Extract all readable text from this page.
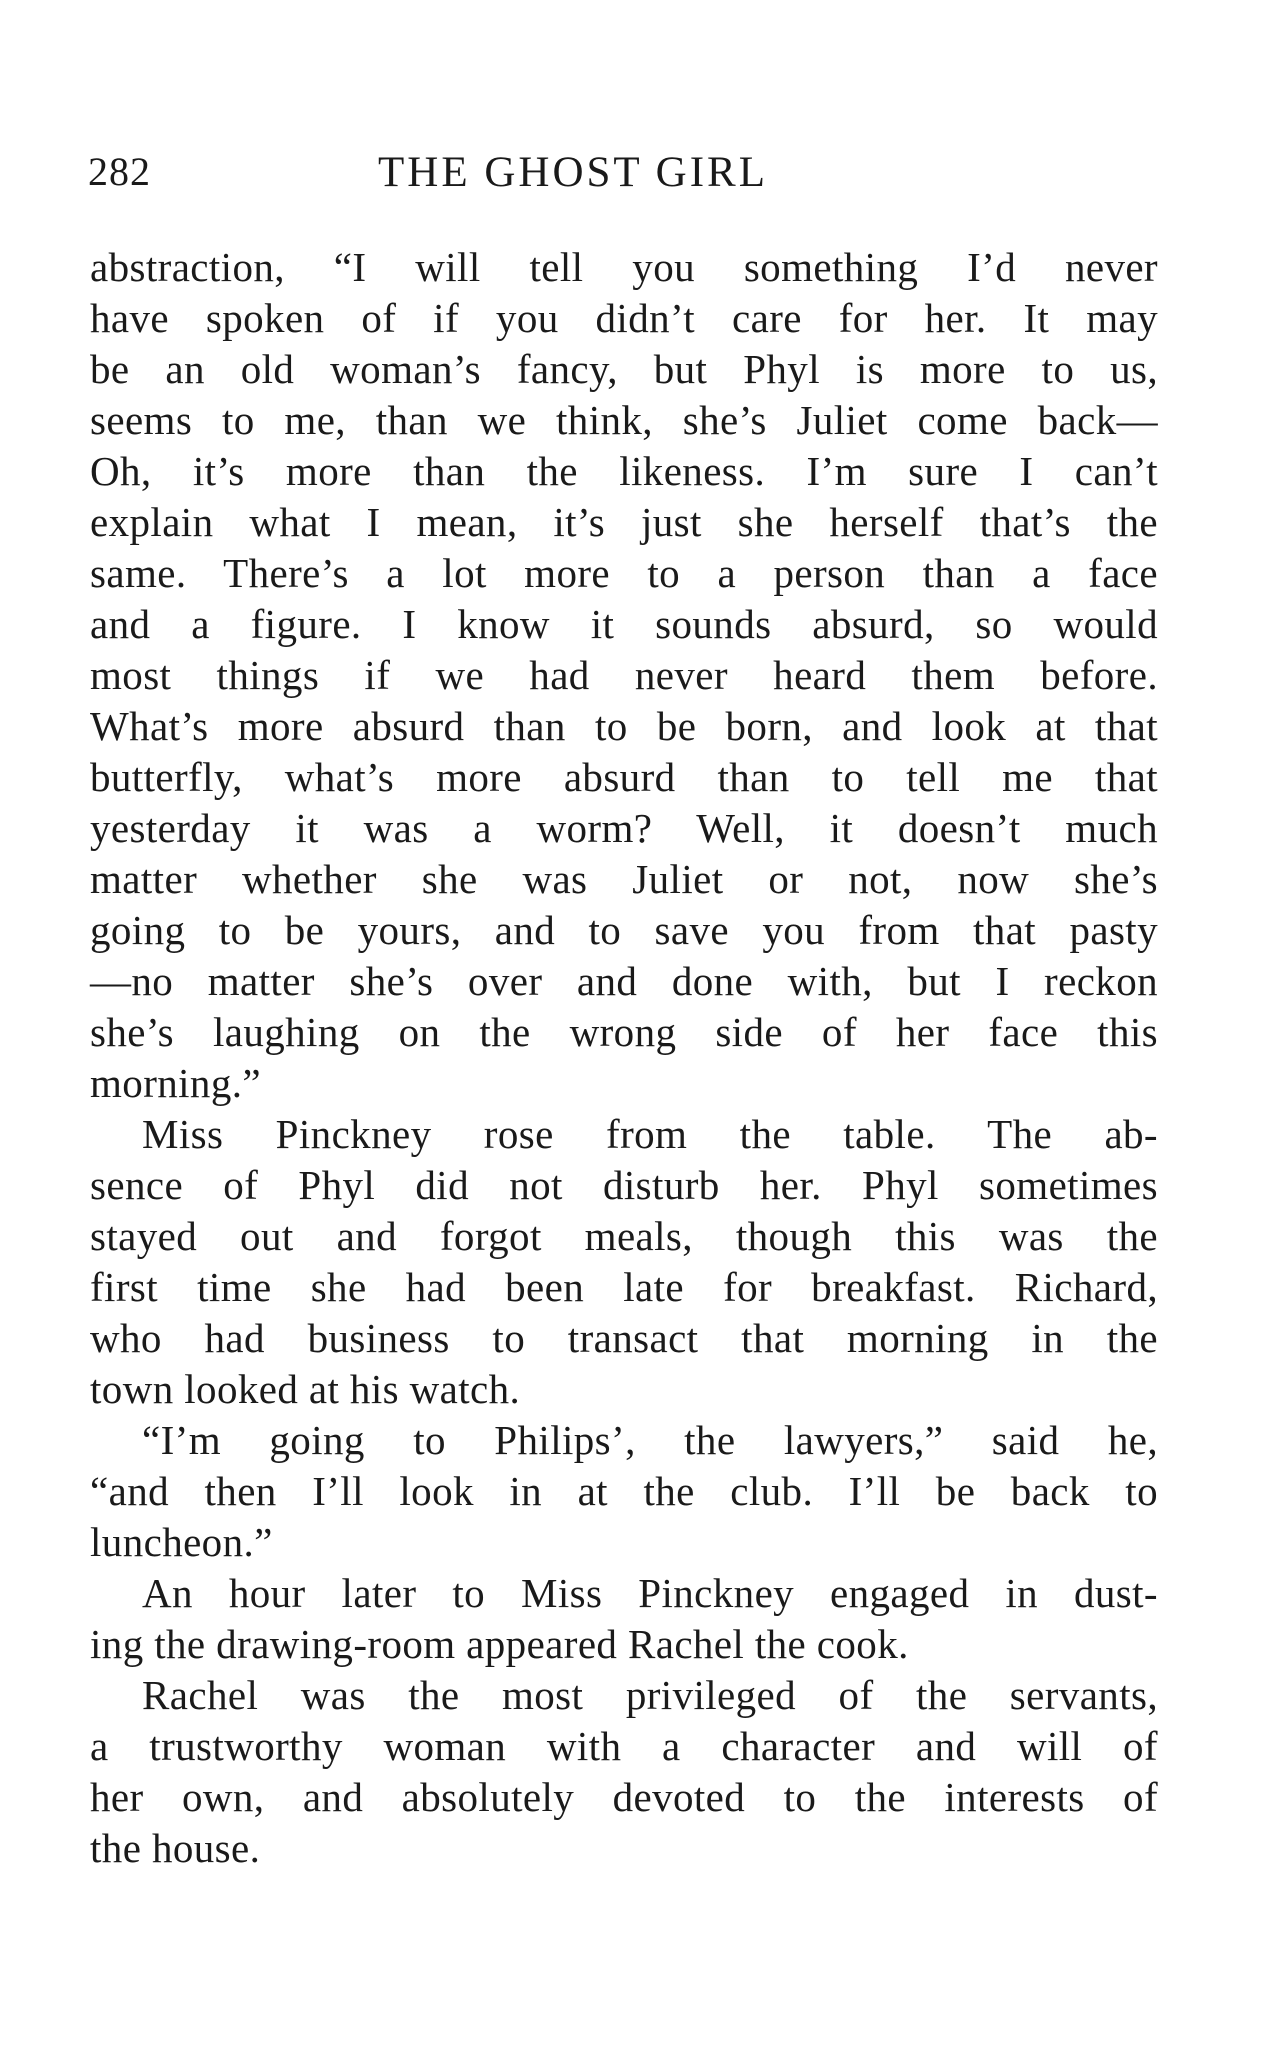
282	THE GHOST GIRL
abstraction, “I will tell you something I’d never
have spoken of if you didn’t care for her. It may
be an old woman’s fancy, but Phyl is more to us,
seems to me, than we think, she’s Juliet come back—
Oh, it’s more than the likeness. I’m sure I can’t
explain what I mean, it’s just she herself that’s the
same. There’s a lot more to a person than a face
and a figure. I know it sounds absurd, so would
most things if we had never heard them before.
What’s more absurd than to be born, and look at that
butterfly, what’s more absurd than to tell me that
yesterday it was a worm? Well, it doesn’t much
matter whether she was Juliet or not, now she’s
going to be yours, and to save you from that pasty
—no matter she’s over and done with, but I reckon
she’s laughing on the wrong side of her face this
morning.”
Miss Pinckney rose from the table. The ab-
sence of Phyl did not disturb her. Phyl sometimes
stayed out and forgot meals, though this was the
first time she had been late for breakfast. Richard,
who had business to transact that morning in the
town looked at his watch.
“I’m going to Philips’, the lawyers,” said he,
“and then I’ll look in at the club. I’ll be back to
luncheon.”
An hour later to Miss Pinckney engaged in dust-
ing the drawing-room appeared Rachel the cook.
Rachel was the most privileged of the servants,
a trustworthy woman with a character and will of
her own, and absolutely devoted to the interests of
the house.
